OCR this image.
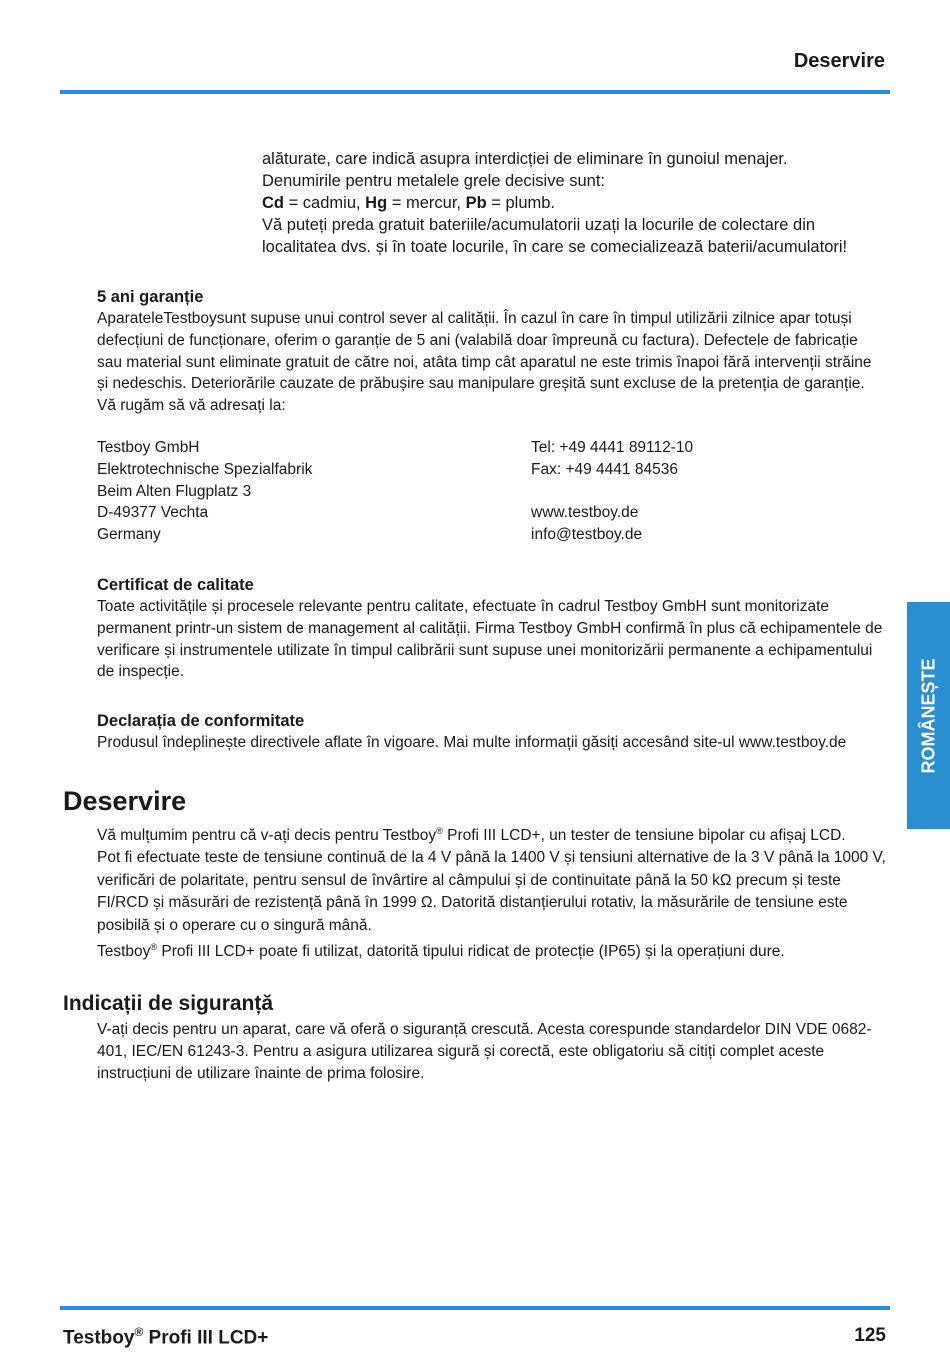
Deservire

alăturate, care indică asupra interdicției de eliminare în gunoiul menajer.

Denumirile pentru metalele grele decisive sunt:

Cd = cadmiu, Hg = mercur, Pb = plumb.

Vă puteți preda gratuit bateriile/acumulatorii uzați la locurile de colectare din localitatea dvs. și în toate locurile, în care se comecializează baterii/acumulatori!

5 ani garanție

AparateleTestboysunt supuse unui control sever al calității. În cazul în care în timpul utilizării zilnice apar totuși defecțiuni de funcționare, oferim o garanție de 5 ani (valabilă doar împreună cu factura). Defectele de fabricație sau material sunt eliminate gratuit de către noi, atâta timp cât aparatul ne este trimis înapoi fără intervenții străine și nedeschis. Deteriorările cauzate de prăbușire sau manipulare greșită sunt excluse de la pretenția de garanție.

Vă rugăm să vă adresați la:

Testboy GmbH
Elektrotechnische Spezialfabrik
Beim Alten Flugplatz 3
D-49377 Vechta
Germany
Tel: +49 4441 89112-10
Fax: +49 4441 84536
www.testboy.de
info@testboy.de
Certificat de calitate

Toate activitățile și procesele relevante pentru calitate, efectuate în cadrul Testboy GmbH sunt monitorizate permanent printr-un sistem de management al calității. Firma Testboy GmbH confirmă în plus că echipamentele de verificare și instrumentele utilizate în timpul calibrării sunt supuse unei monitorizării permanente a echipamentului de inspecție.

Declarația de conformitate

Produsul îndeplinește directivele aflate în vigoare. Mai multe informații găsiți accesând site-ul www.testboy.de

Deservire

Vă mulțumim pentru că v-ați decis pentru Testboy® Profi III LCD+, un tester de tensiune bipolar cu afișaj LCD.

Pot fi efectuate teste de tensiune continuă de la 4 V până la 1400 V și tensiuni alternative de la 3 V până la 1000 V, verificări de polaritate, pentru sensul de învârtire al câmpului și de continuitate până la 50 kΩ precum și teste FI/RCD și măsurări de rezistență până în 1999 Ω. Datorită distanțierului rotativ, la măsurările de tensiune este posibilă și o operare cu o singură mână.

Testboy® Profi III LCD+ poate fi utilizat, datorită tipului ridicat de protecție (IP65) și la operațiuni dure.

Indicații de siguranță

V-ați decis pentru un aparat, care vă oferă o siguranță crescută. Acesta corespunde standardelor DIN VDE 0682-401, IEC/EN 61243-3. Pentru a asigura utilizarea sigură și corectă, este obligatoriu să citiți complet aceste instrucțiuni de utilizare înainte de prima folosire.

ROMÂNEȘTE
Testboy® Profi III LCD+	125
